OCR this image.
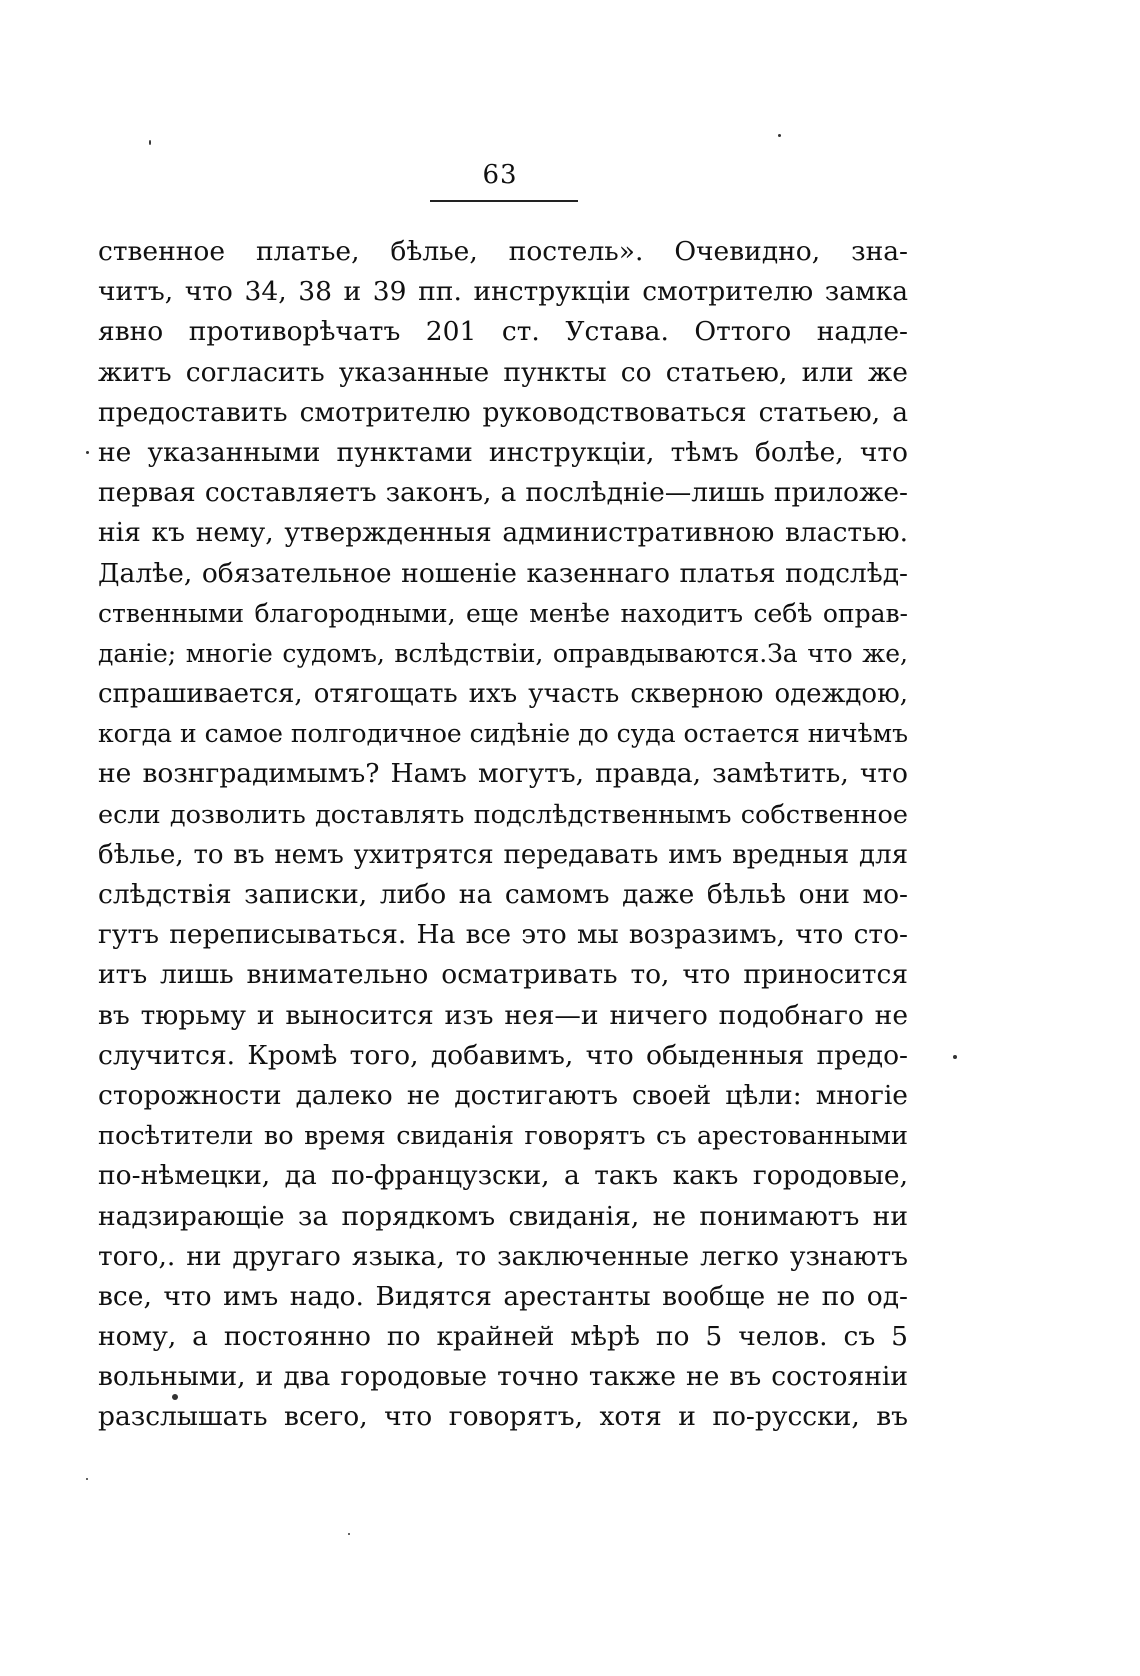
63
ственное платье, бѣлье, постель». Очевидно, зна-
читъ, что 34, 38 и 39 пп. инструкціи смотрителю замка
явно противорѣчатъ 201 ст. Устава. Оттого надле-
житъ согласить указанные пункты со статьею, или же
предоставить смотрителю руководствоваться статьею, а
не указанными пунктами инструкціи, тѣмъ болѣе, что
первая составляетъ законъ, а послѣдніе—лишь приложе-
нія къ нему, утвержденныя административною властью.
Далѣе, обязательное ношеніе казеннаго платья подслѣд-
ственными благородными, еще менѣе находитъ себѣ оправ-
даніе; многіе судомъ, вслѣдствіи, оправдываются.За что же,
спрашивается, отягощать ихъ участь скверною одеждою,
когда и самое полгодичное сидѣніе до суда остается ничѣмъ
не вознградимымъ? Намъ могутъ, правда, замѣтить, что
если дозволить доставлять подслѣдственнымъ собственное
бѣлье, то въ немъ ухитрятся передавать имъ вредныя для
слѣдствія записки, либо на самомъ даже бѣльѣ они мо-
гутъ переписываться. На все это мы возразимъ, что сто-
итъ лишь внимательно осматривать то, что приносится
въ тюрьму и выносится изъ нея—и ничего подобнаго не
случится. Кромѣ того, добавимъ, что обыденныя предо-
сторожности далеко не достигаютъ своей цѣли: многіе
посѣтители во время свиданія говорятъ съ арестованными
по-нѣмецки, да по-французски, а такъ какъ городовые,
надзирающіе за порядкомъ свиданія, не понимаютъ ни
того,. ни другаго языка, то заключенные легко узнаютъ
все, что имъ надо. Видятся арестанты вообще не по од-
ному, а постоянно по крайней мѣрѣ по 5 челов. съ 5
вольными, и два городовые точно также не въ состояніи
разслышать всего, что говорятъ, хотя и по-русски, въ
